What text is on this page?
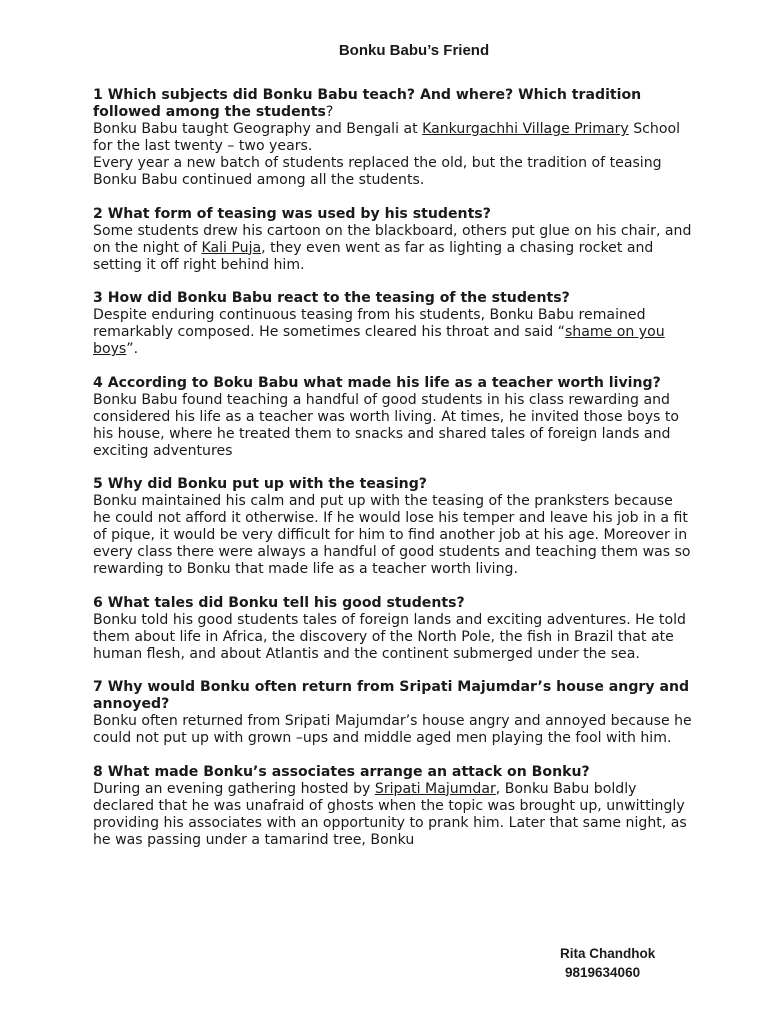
Bonku Babu’s Friend

1 Which subjects did Bonku Babu teach? And where? Which tradition followed among the students?

Bonku Babu taught Geography and Bengali at Kankurgachhi Village Primary School for the last twenty – two years.

Every year a new batch of students replaced the old, but the tradition of teasing Bonku Babu continued among all the students.

2 What form of teasing was used by his students?

Some students drew his cartoon on the blackboard, others put glue on his chair, and on the night of Kali Puja, they even went as far as lighting a chasing rocket and setting it off right behind him.

3 How did Bonku Babu react to the teasing of the students?

Despite enduring continuous teasing from his students, Bonku Babu remained remarkably composed. He sometimes cleared his throat and said “shame on you boys”.

4 According to Boku Babu what made his life as a teacher worth living?

Bonku Babu found teaching a handful of good students in his class rewarding and considered his life as a teacher was worth living. At times, he invited those boys to his house, where he treated them to snacks and shared tales of foreign lands and exciting adventures

5 Why did Bonku put up with the teasing?

Bonku maintained his calm and put up with the teasing of the pranksters because he could not afford it otherwise. If he would lose his temper and leave his job in a fit of pique, it would be very difficult for him to find another job at his age. Moreover in every class there were always a handful of good students and teaching them was so rewarding to Bonku that made life as a teacher worth living.

6 What tales did Bonku tell his good students?

Bonku told his good students tales of foreign lands and exciting adventures. He told them about life in Africa, the discovery of the North Pole, the fish in Brazil that ate human flesh, and about Atlantis and the continent submerged under the sea.

7 Why would Bonku often return from Sripati Majumdar’s house angry and annoyed?

Bonku often returned from Sripati Majumdar’s house angry and annoyed because he could not put up with grown –ups and middle aged men playing the fool with him.

8 What made Bonku’s associates arrange an attack on Bonku?

During an evening gathering hosted by Sripati Majumdar, Bonku Babu boldly declared that he was unafraid of ghosts when the topic was brought up, unwittingly providing his associates with an opportunity to prank him. Later that same night, as he was passing under a tamarind tree, Bonku

Rita Chandhok
9819634060
